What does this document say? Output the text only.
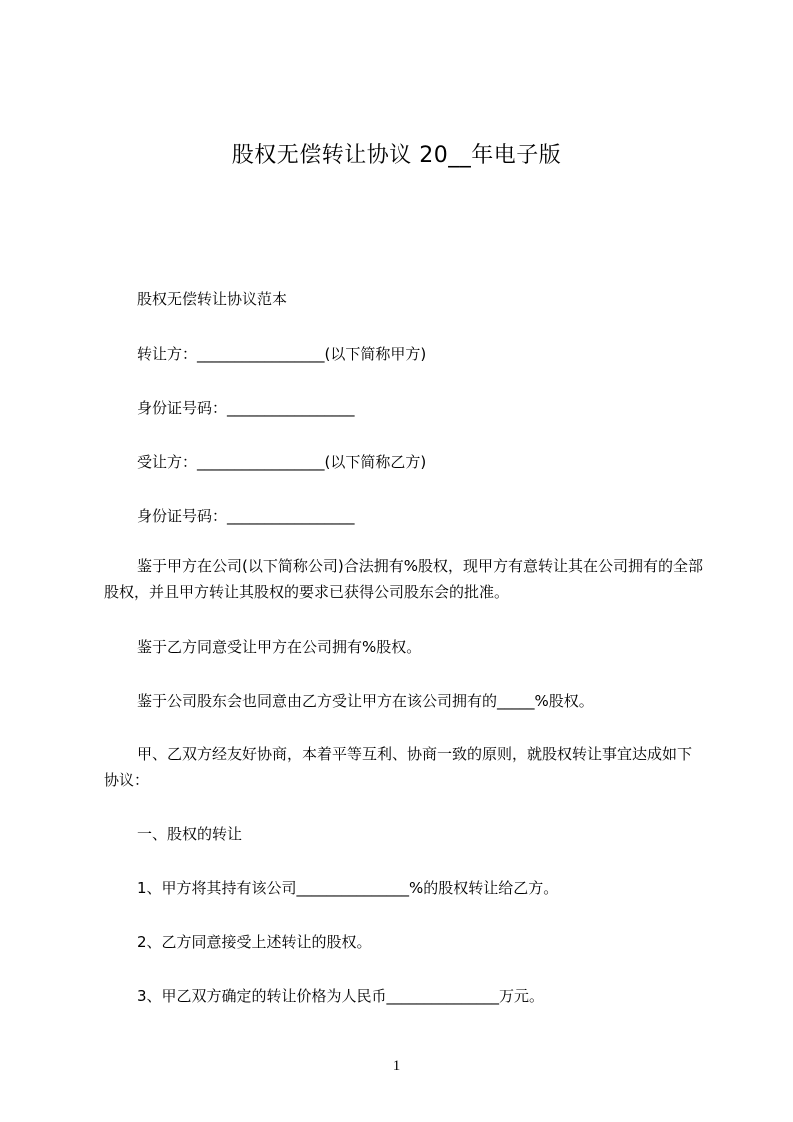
股权无偿转让协议 20__年电子版
股权无偿转让协议范本
转让方：_________________(以下简称甲方)
身份证号码：_________________
受让方：_________________(以下简称乙方)
身份证号码：_________________
鉴于甲方在公司(以下简称公司)合法拥有%股权，现甲方有意转让其在公司拥有的全部股权，并且甲方转让其股权的要求已获得公司股东会的批准。
鉴于乙方同意受让甲方在公司拥有%股权。
鉴于公司股东会也同意由乙方受让甲方在该公司拥有的_____%股权。
甲、乙双方经友好协商，本着平等互利、协商一致的原则，就股权转让事宜达成如下协议：
一、股权的转让
1、甲方将其持有该公司_______________%的股权转让给乙方。
2、乙方同意接受上述转让的股权。
3、甲乙双方确定的转让价格为人民币_______________万元。
1
